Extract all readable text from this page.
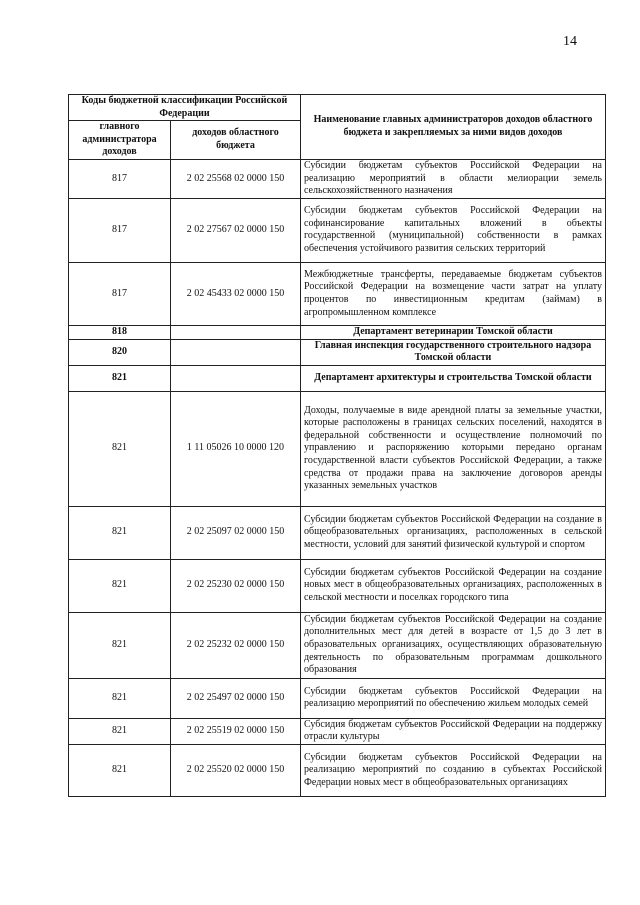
14
Коды бюджетной классификации Российской Федерации		Наименование главных администраторов доходов областного бюджета и закрепляемых за ними видов доходов
главного администратора доходов	доходов областного бюджета	
817	2 02 25568 02 0000 150	Субсидии бюджетам субъектов Российской Федерации на реализацию мероприятий в области мелиорации земель сельскохозяйственного назначения
817	2 02 27567 02 0000 150	Субсидии бюджетам субъектов Российской Федерации на софинансирование капитальных вложений в объекты государственной (муниципальной) собственности в рамках обеспечения устойчивого развития сельских территорий
817	2 02 45433 02 0000 150	Межбюджетные трансферты, передаваемые бюджетам субъектов Российской Федерации на возмещение части затрат на уплату процентов по инвестиционным кредитам (займам) в агропромышленном комплексе
818		Департамент ветеринарии Томской области
820		Главная инспекция государственного строительного надзора Томской области
821		Департамент архитектуры и строительства Томской области
821	1 11 05026 10 0000 120	Доходы, получаемые в виде арендной платы за земельные участки, которые расположены в границах сельских поселений, находятся в федеральной собственности и осуществление полномочий по управлению и распоряжению которыми передано органам государственной власти субъектов Российской Федерации, а также средства от продажи права на заключение договоров аренды указанных земельных участков
821	2 02 25097 02 0000 150	Субсидии бюджетам субъектов Российской Федерации на создание в общеобразовательных организациях, расположенных в сельской местности, условий для занятий физической культурой и спортом
821	2 02 25230 02 0000 150	Субсидии бюджетам субъектов Российской Федерации на создание новых мест в общеобразовательных организациях, расположенных в сельской местности и поселках городского типа
821	2 02 25232 02 0000 150	Субсидии бюджетам субъектов Российской Федерации на создание дополнительных мест для детей в возрасте от 1,5 до 3 лет в образовательных организациях, осуществляющих образовательную деятельность по образовательным программам дошкольного образования
821	2 02 25497 02 0000 150	Субсидии бюджетам субъектов Российской Федерации на реализацию мероприятий по обеспечению жильем молодых семей
821	2 02 25519 02 0000 150	Субсидия бюджетам субъектов Российской Федерации на поддержку отрасли культуры
821	2 02 25520 02 0000 150	Субсидии бюджетам субъектов Российской Федерации на реализацию мероприятий по созданию в субъектах Российской Федерации новых мест в общеобразовательных организациях
